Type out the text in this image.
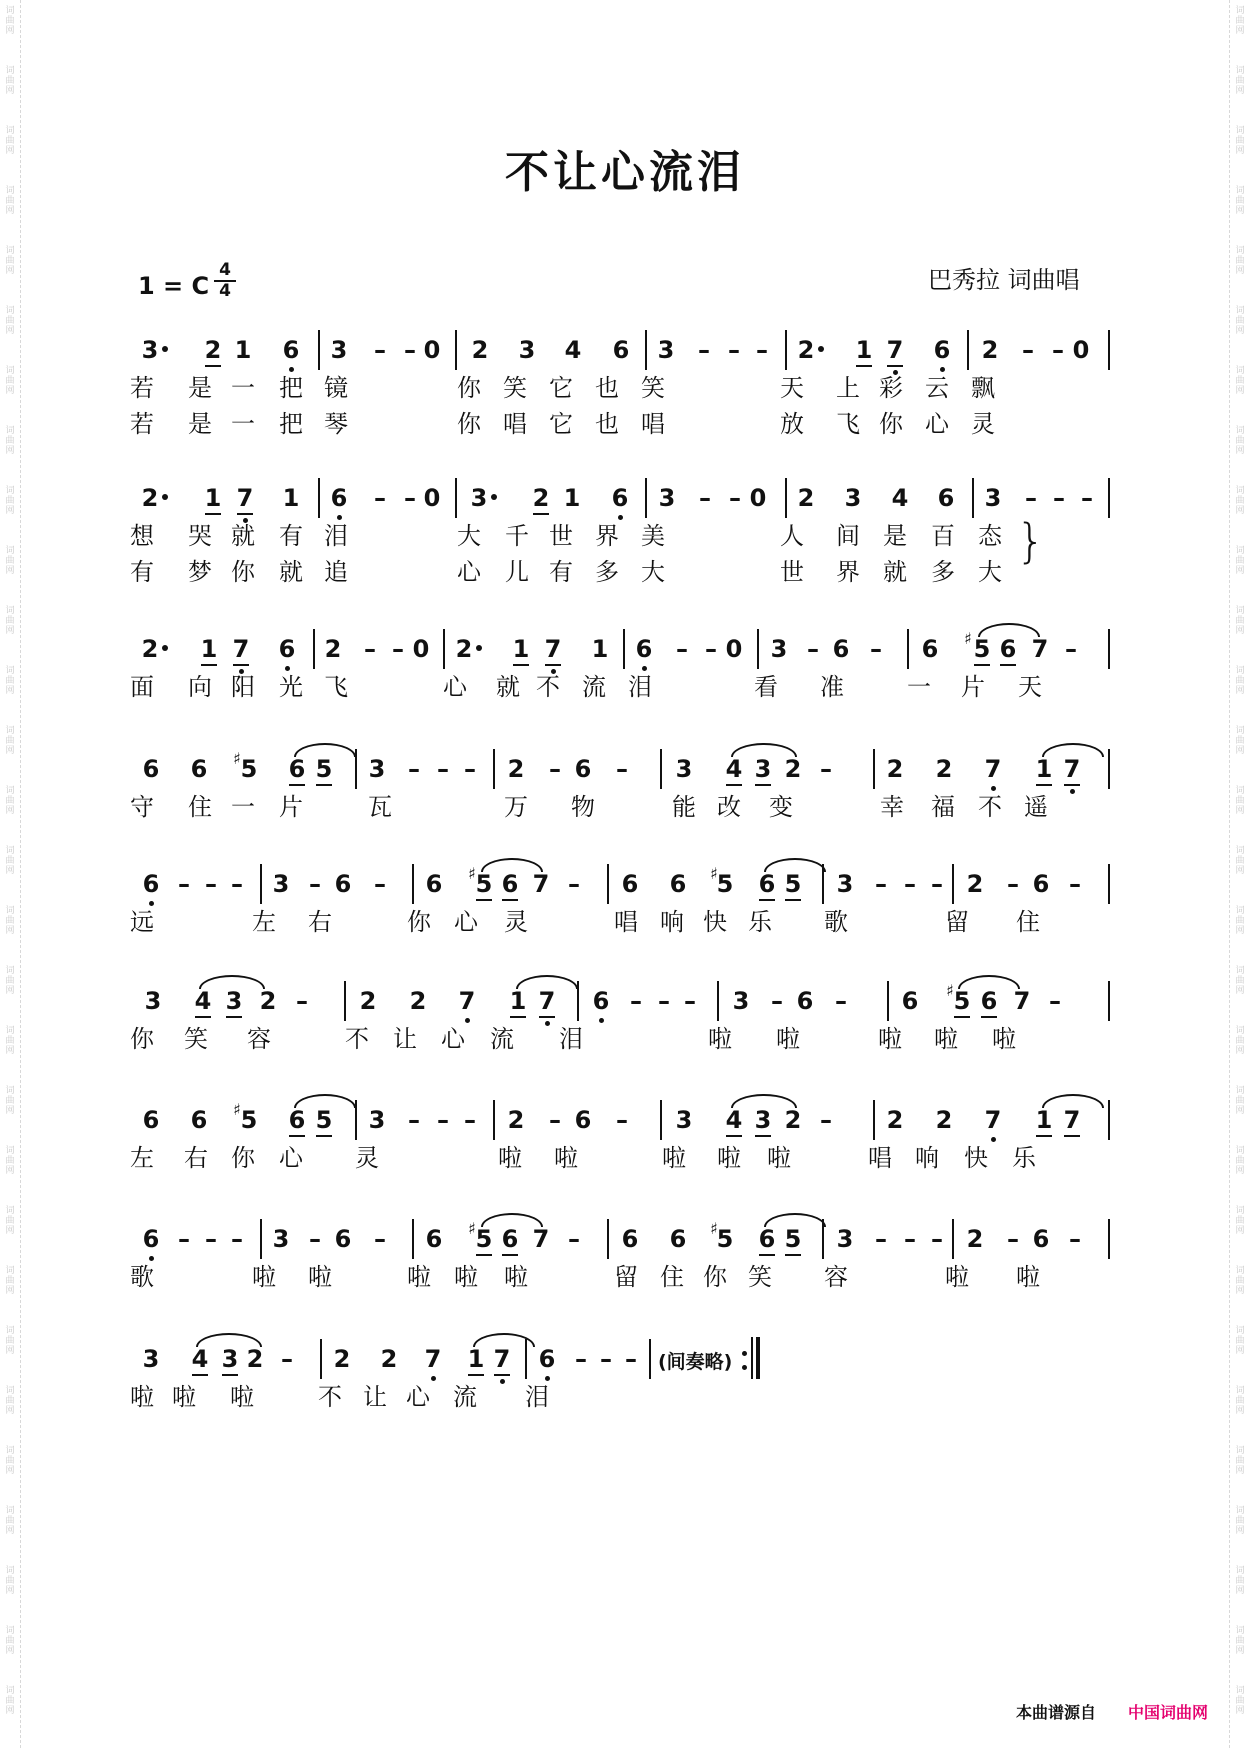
词
曲
网
词
曲
网
词
曲
网
词
曲
网
词
曲
网
词
曲
网
词
曲
网
词
曲
网
词
曲
网
词
曲
网
词
曲
网
词
曲
网
词
曲
网
词
曲
网
词
曲
网
词
曲
网
词
曲
网
词
曲
网
词
曲
网
词
曲
网
词
曲
网
词
曲
网
词
曲
网
词
曲
网
词
曲
网
词
曲
网
词
曲
网
词
曲
网
词
曲
网
词
曲
网
词
曲
网
词
曲
网
词
曲
网
词
曲
网
词
曲
网
词
曲
网
词
曲
网
词
曲
网
词
曲
网
词
曲
网
词
曲
网
词
曲
网
词
曲
网
词
曲
网
词
曲
网
词
曲
网
词
曲
网
词
曲
网
词
曲
网
词
曲
网
词
曲
网
词
曲
网
词
曲
网
词
曲
网
词
曲
网
词
曲
网
词
曲
网
词
曲
网
不让心流泪
1 = C
4
4	巴秀拉 词曲唱
3 2 1 6 3 – – 0 2 3 4 6 3 – – – 2 1 7 6 2 – – 0
若 是 一 把 镜	你 笑 它 也 笑	天 上 彩 云 飘
若 是 一 把 琴	你 唱 它 也 唱	放 飞 你 心 灵
2 1 7 1 6 – – 0 3 2 1 6 3 – – 0 2 3 4 6 3 – – –
想 哭 就 有 泪	大 千 世 界 美	人 间 是 百 态
有 梦 你 就 追	心 儿 有 多 大	世 界 就 多 大
}
2 1 7 6 2 – – 0 2 1 7 1 6 – – 0 3 – 6 – 6 ♯ 5 6 7 –
面 向 阳 光 飞	心 就 不 流 泪	看 准	一 片 天
6 6 ♯ 5 6 5 3 – – – 2 – 6 – 3 4 3 2 – 2 2 7 1 7
守 住 一 片	瓦	万 物	能 改 变	幸 福 不 遥
6 – – – 3 – 6 – 6 ♯ 5 6 7 – 6 6 ♯
5 6 5 3 – – – 2 – 6 –
远	左 右	你 心 灵	唱 响 快 乐 歌	留 住
3 4 3 2 – 2 2 7 1 7 6 – – – 3 – 6 – 6 ♯ 5 6 7 –
你 笑 容	不 让 心 流 泪	啦 啦	啦 啦 啦
6 6 ♯ 5 6 5 3 – – – 2 – 6 – 3 4 3 2 – 2 2 7 1 7
左 右 你 心 灵	啦 啦	啦 啦 啦	唱 响 快 乐
6 – – – 3 – 6 – 6 ♯ 5 6 7 – 6 6 ♯
5 6 5 3 – – – 2 – 6 –
歌	啦 啦	啦 啦 啦	留 住 你 笑 容	啦 啦
3 4 3 2 – 2 2 7 1 7 6 – – –
啦 啦 啦	不 让 心 流 泪
(间奏略)
本曲谱源自 中国词曲网
